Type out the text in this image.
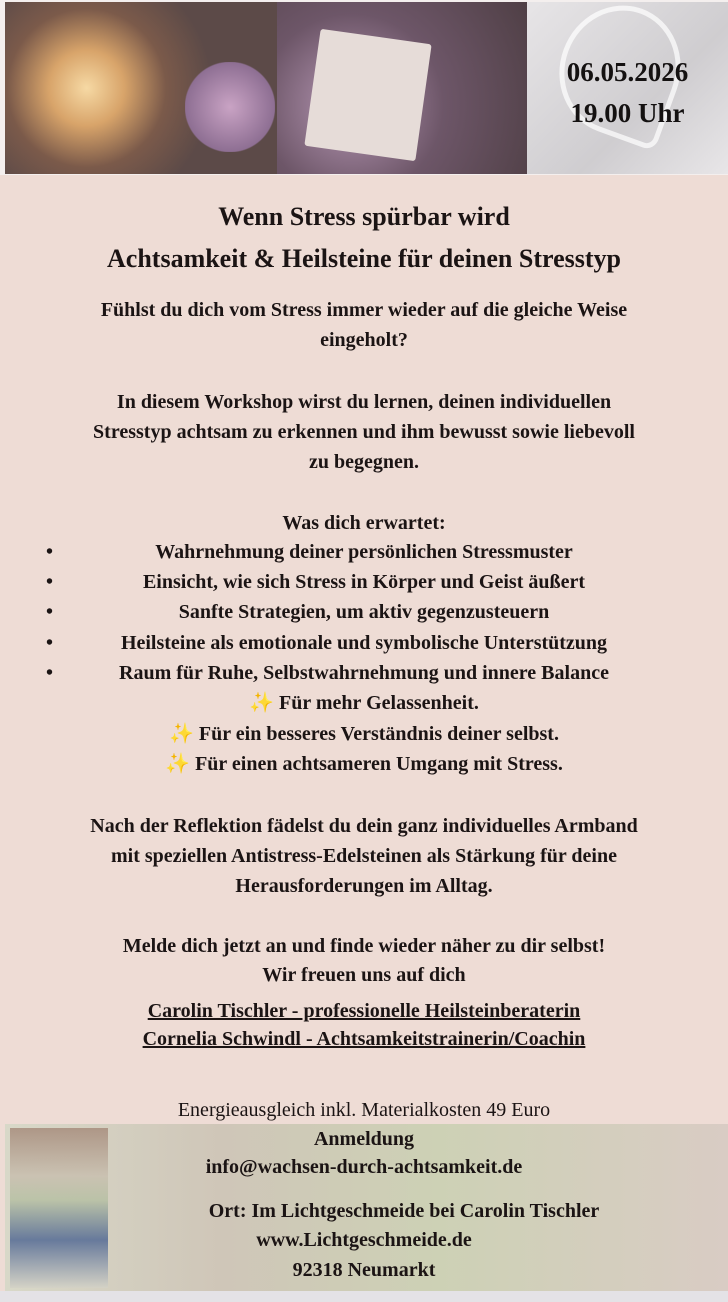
06.05.2026
19.00 Uhr
Wenn Stress spürbar wird
Achtsamkeit & Heilsteine für deinen Stresstyp
Fühlst du dich vom Stress immer wieder auf die gleiche Weise
eingeholt?
In diesem Workshop wirst du lernen, deinen individuellen
Stresstyp achtsam zu erkennen und ihm bewusst sowie liebevoll
zu begegnen.
Was dich erwartet:
•	Wahrnehmung deiner persönlichen Stressmuster
•	Einsicht, wie sich Stress in Körper und Geist äußert
•	Sanfte Strategien, um aktiv gegenzusteuern
•	Heilsteine als emotionale und symbolische Unterstützung
•	Raum für Ruhe, Selbstwahrnehmung und innere Balance
✨ Für mehr Gelassenheit.
✨ Für ein besseres Verständnis deiner selbst.
✨ Für einen achtsameren Umgang mit Stress.
Nach der Reflektion fädelst du dein ganz individuelles Armband
mit speziellen Antistress-Edelsteinen als Stärkung für deine
Herausforderungen im Alltag.
Melde dich jetzt an und finde wieder näher zu dir selbst!
Wir freuen uns auf dich
Carolin Tischler - professionelle Heilsteinberaterin
Cornelia Schwindl - Achtsamkeitstrainerin/Coachin
Energieausgleich inkl. Materialkosten 49 Euro
Anmeldung
info@wachsen-durch-achtsamkeit.de
Ort: Im Lichtgeschmeide bei Carolin Tischler
www.Lichtgeschmeide.de
92318 Neumarkt
